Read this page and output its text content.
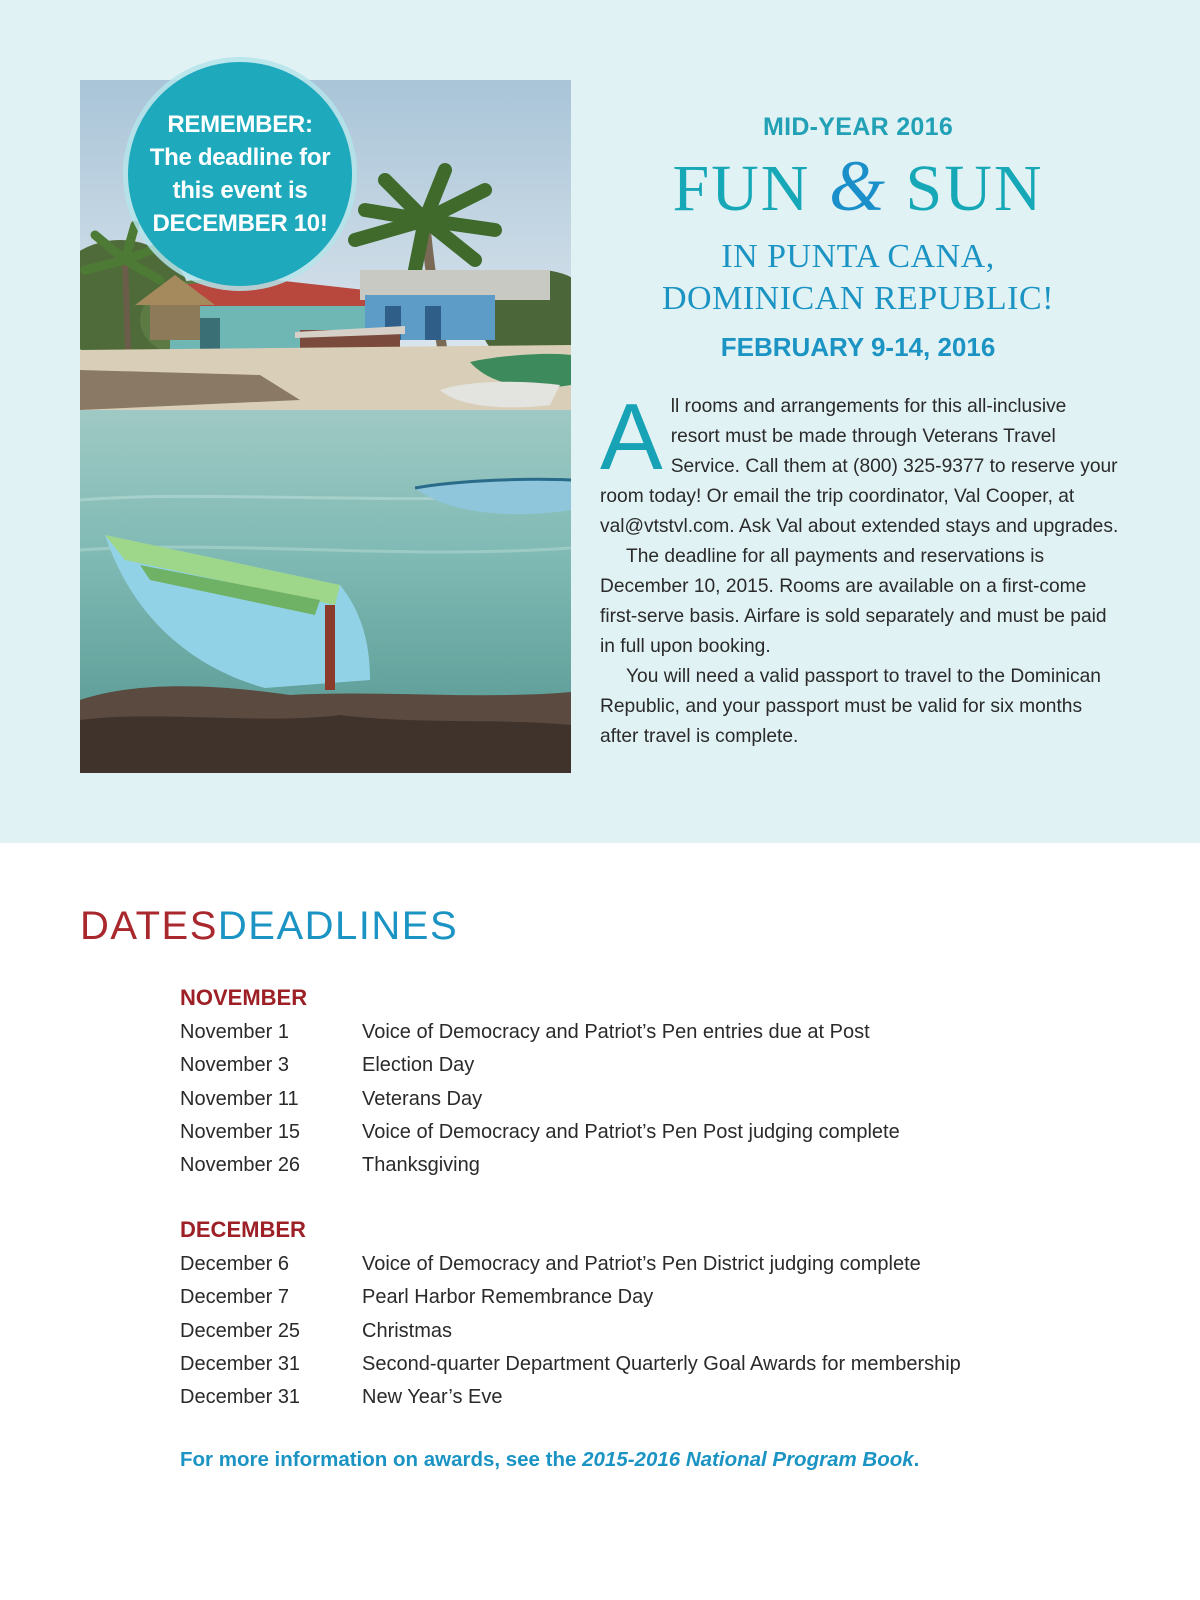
REMEMBER:
The deadline for
this event is
DECEMBER 10!
MID-YEAR 2016
FUN & SUN
IN PUNTA CANA,
DOMINICAN REPUBLIC!
FEBRUARY 9-14, 2016

All rooms and arrangements for this all-inclusive resort must be made through Veterans Travel Service. Call them at (800) 325-9377 to reserve your room today! Or email the trip coordinator, Val Cooper, at val@vtstvl.com. Ask Val about extended stays and upgrades.

The deadline for all payments and reservations is December 10, 2015. Rooms are available on a first-come first-serve basis. Airfare is sold separately and must be paid in full upon booking.

You will need a valid passport to travel to the Dominican Republic, and your passport must be valid for six months after travel is complete.

DATESDEADLINES
NOVEMBER
November 1	Voice of Democracy and Patriot’s Pen entries due at Post
November 3	Election Day
November 11	Veterans Day
November 15	Voice of Democracy and Patriot’s Pen Post judging complete
November 26	Thanksgiving
DECEMBER
December 6	Voice of Democracy and Patriot’s Pen District judging complete
December 7	Pearl Harbor Remembrance Day
December 25	Christmas
December 31	Second-quarter Department Quarterly Goal Awards for membership
December 31	New Year’s Eve
For more information on awards, see the 2015-2016 National Program Book.
